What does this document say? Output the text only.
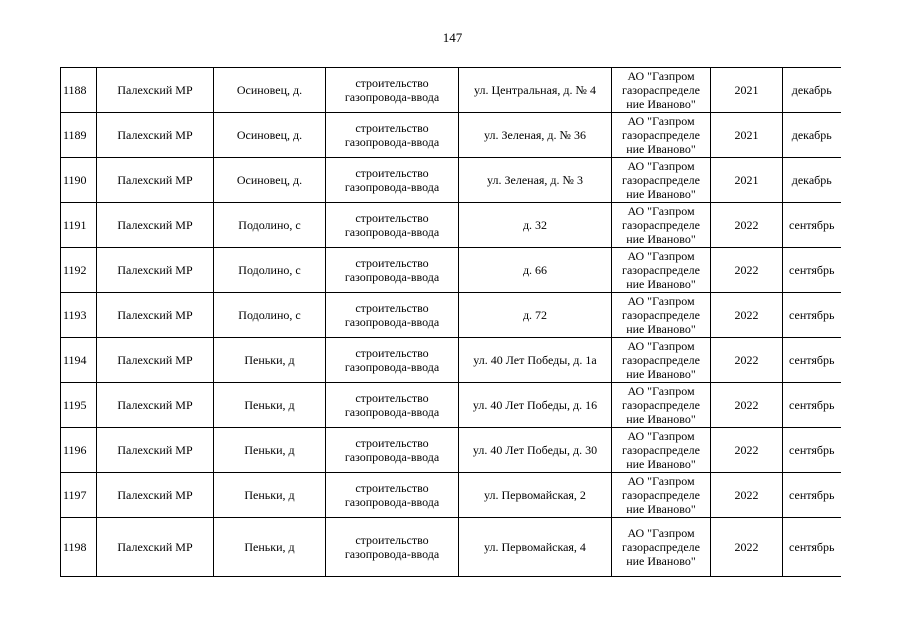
147
1188	Палехский МР	Осиновец, д.	строительство газопровода-ввода	ул. Центральная, д. № 4	АО "Газпром газораспределе ние Иваново"	2021	декабрь
1189	Палехский МР	Осиновец, д.	строительство газопровода-ввода	ул. Зеленая, д. № 36	АО "Газпром газораспределе ние Иваново"	2021	декабрь
1190	Палехский МР	Осиновец, д.	строительство газопровода-ввода	ул. Зеленая, д. № 3	АО "Газпром газораспределе ние Иваново"	2021	декабрь
1191	Палехский МР	Подолино, с	строительство газопровода-ввода	д. 32	АО "Газпром газораспределе ние Иваново"	2022	сентябрь
1192	Палехский МР	Подолино, с	строительство газопровода-ввода	д. 66	АО "Газпром газораспределе ние Иваново"	2022	сентябрь
1193	Палехский МР	Подолино, с	строительство газопровода-ввода	д. 72	АО "Газпром газораспределе ние Иваново"	2022	сентябрь
1194	Палехский МР	Пеньки, д	строительство газопровода-ввода	ул. 40 Лет Победы, д. 1а	АО "Газпром газораспределе ние Иваново"	2022	сентябрь
1195	Палехский МР	Пеньки, д	строительство газопровода-ввода	ул. 40 Лет Победы, д. 16	АО "Газпром газораспределе ние Иваново"	2022	сентябрь
1196	Палехский МР	Пеньки, д	строительство газопровода-ввода	ул. 40 Лет Победы, д. 30	АО "Газпром газораспределе ние Иваново"	2022	сентябрь
1197	Палехский МР	Пеньки, д	строительство газопровода-ввода	ул. Первомайская, 2	АО "Газпром газораспределе ние Иваново"	2022	сентябрь
1198	Палехский МР	Пеньки, д	строительство газопровода-ввода	ул. Первомайская, 4	АО "Газпром газораспределе ние Иваново"	2022	сентябрь
